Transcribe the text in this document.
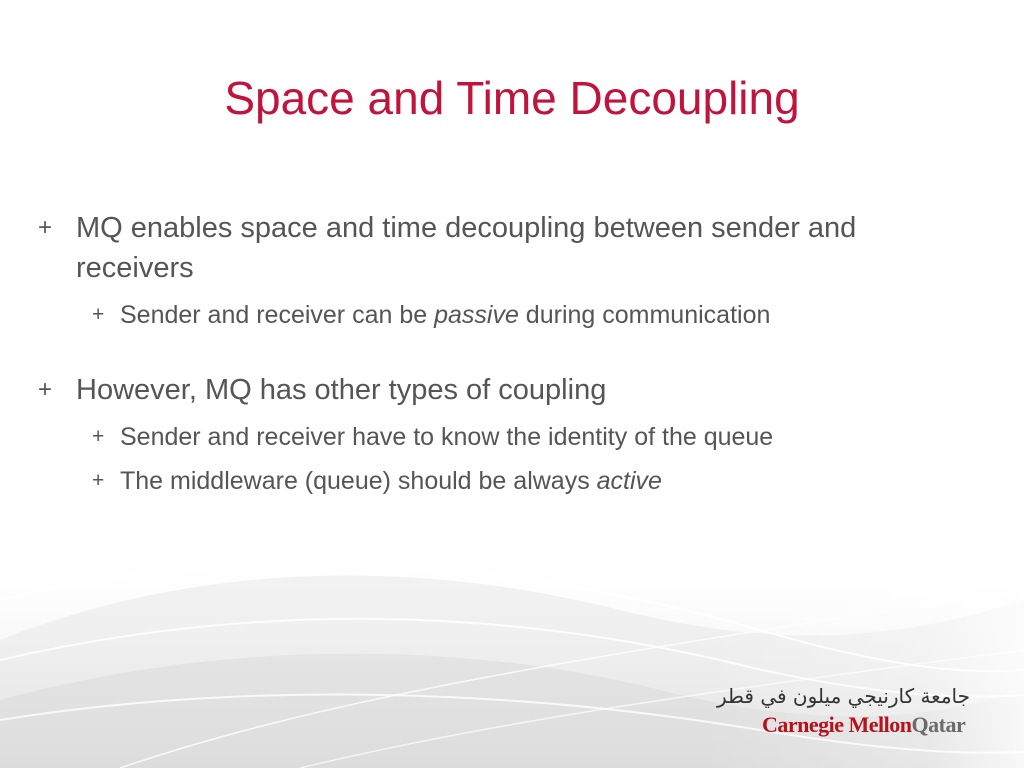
Space and Time Decoupling
+ MQ enables space and time decoupling between sender and receivers
+ Sender and receiver can be passive during communication
+ However, MQ has other types of coupling
+ Sender and receiver have to know the identity of the queue
+ The middleware (queue) should be always active
جامعة كارنيجي ميلون في قطر
Carnegie MellonQatar
